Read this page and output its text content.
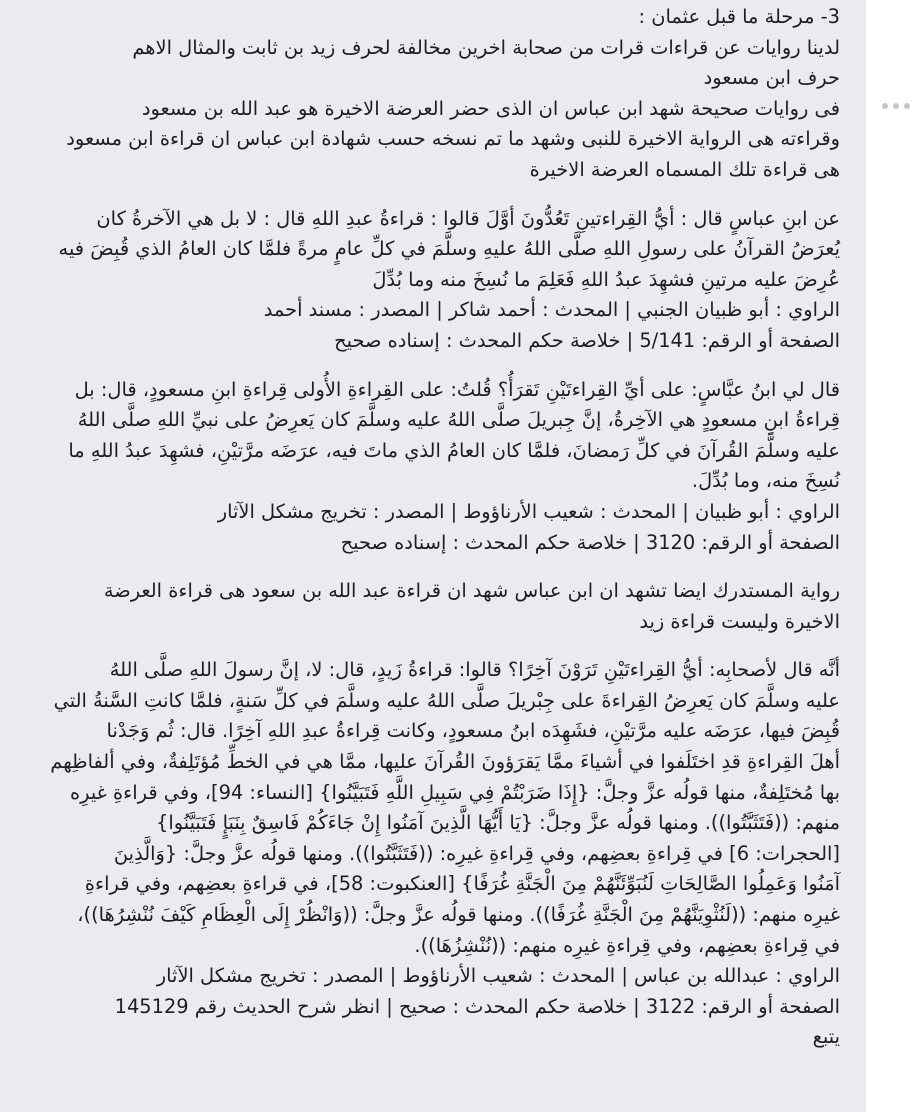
3- مرحلة ما قبل عثمان :

لدينا روايات عن قراءات قرات من صحابة اخرين مخالفة لحرف زيد بن ثابت والمثال الاهم

حرف ابن مسعود

فى روايات صحيحة شهد ابن عباس ان الذى حضر العرضة الاخيرة هو عبد الله بن مسعود

وقراءته هى الرواية الاخيرة للنبى وشهد ما تم نسخه حسب شهادة ابن عباس ان قراءة ابن مسعود

هى قراءة تلك المسماه العرضة الاخيرة

عن ابنِ عباسٍ قال : أيُّ القِراءتينِ تَعُدُّونَ أوَّلَ قالوا : قراءةُ عبدِ اللهِ قال : لا بل هي الآخرةُ كان

يُعرَضُ القرآنُ على رسولِ اللهِ صلَّى اللهُ عليهِ وسلَّمَ في كلِّ عامٍ مرةً فلمَّا كان العامُ الذي قُبِضَ فيه

عُرِضَ عليه مرتينِ فشهِدَ عبدُ اللهِ فَعَلِمَ ما نُسِخَ منه وما بُدِّلَ

الراوي : أبو ظبيان الجنبي | المحدث : أحمد شاكر | المصدر : مسند أحمد

الصفحة أو الرقم: 5/141 | خلاصة حكم المحدث : إسناده صحيح

قال لي ابنُ عبَّاسٍ: على أيِّ القِراءتَيْنِ تَقرَأُ؟ قُلتُ: على القِراءةِ الأُولى قِراءةِ ابنِ مسعودٍ، قال: بل

قِراءةُ ابنِ مسعودٍ هي الآخِرةُ، إنَّ جِبريلَ صلَّى اللهُ عليه وسلَّمَ كان يَعرِضُ على نبيِّ اللهِ صلَّى اللهُ

عليه وسلَّمَ القُرآنَ في كلِّ رَمضانَ، فلمَّا كان العامُ الذي ماتَ فيه، عرَضَه مرَّتيْنِ، فشهِدَ عبدُ اللهِ ما

نُسِخَ منه، وما بُدِّلَ.

الراوي : أبو ظبيان | المحدث : شعيب الأرناؤوط | المصدر : تخريج مشكل الآثار

الصفحة أو الرقم: 3120 | خلاصة حكم المحدث : إسناده صحيح

رواية المستدرك ايضا تشهد ان ابن عباس شهد ان قراءة عبد الله بن سعود هى قراءة العرضة

الاخيرة وليست قراءة زيد

أنَّه قال لأصحابِه: أيُّ القِراءتَيْنِ تَرَوْنَ آخِرًا؟ قالوا: قراءةُ زَيدٍ، قال: لا، إنَّ رسولَ اللهِ صلَّى اللهُ

عليه وسلَّمَ كان يَعرِضُ القِراءةَ على جِبْريلَ صلَّى اللهُ عليه وسلَّمَ في كلِّ سَنةٍ، فلمَّا كانتِ السَّنةُ التي

قُبِضَ فيها، عرَضَه عليه مرَّتيْنِ، فشَهِدَه ابنُ مسعودٍ، وكانت قِراءةُ عبدِ اللهِ آخِرًا. قال: ثُم وَجَدْنا

أهلَ القِراءةِ قدِ اختَلَفوا في أشياءَ ممَّا يَقرَؤونَ القُرآنَ عليها، ممَّا هي في الخطِّ مُؤتَلِفةٌ، وفي ألفاظِهم

بها مُختَلِفةٌ، منها قولُه عزَّ وجلَّ: {إِذَا ضَرَبْتُمْ فِي سَبِيلِ اللَّهِ فَتَبَيَّنُوا} [النساء: 94]، وفي قراءةِ غيرِه

منهم: ((فَتَثَبَّتُوا)). ومنها قولُه عزَّ وجلَّ: {يَا أَيُّهَا الَّذِينَ آمَنُوا إِنْ جَاءَكُمْ فَاسِقٌ بِنَبَإٍ فَتَبَيَّنُوا}

[الحجرات: 6] في قِراءةِ بعضِهم، وفي قِراءةِ غيرِه: ((فَتَثَبَّتُوا)). ومنها قولُه عزَّ وجلَّ: {وَالَّذِينَ

آمَنُوا وَعَمِلُوا الصَّالِحَاتِ لَنُبَوِّئَنَّهُمْ مِنَ الْجَنَّةِ غُرَفًا} [العنكبوت: 58]، في قراءةِ بعضِهم، وفي قراءةِ

غيرِه منهم: ((لَنُثْوِيَنَّهُمْ مِنَ الْجَنَّةِ غُرَفًا)). ومنها قولُه عزَّ وجلَّ: ((وَانْظُرْ إِلَى الْعِظَامِ كَيْفَ نُنْشِرُهَا))،

في قِراءةِ بعضِهم، وفي قِراءةِ غيرِه منهم: ((نُنْشِزُهَا)).

الراوي : عبدالله بن عباس | المحدث : شعيب الأرناؤوط | المصدر : تخريج مشكل الآثار

الصفحة أو الرقم: 3122 | خلاصة حكم المحدث : صحيح | انظر شرح الحديث رقم 145129

يتبع
